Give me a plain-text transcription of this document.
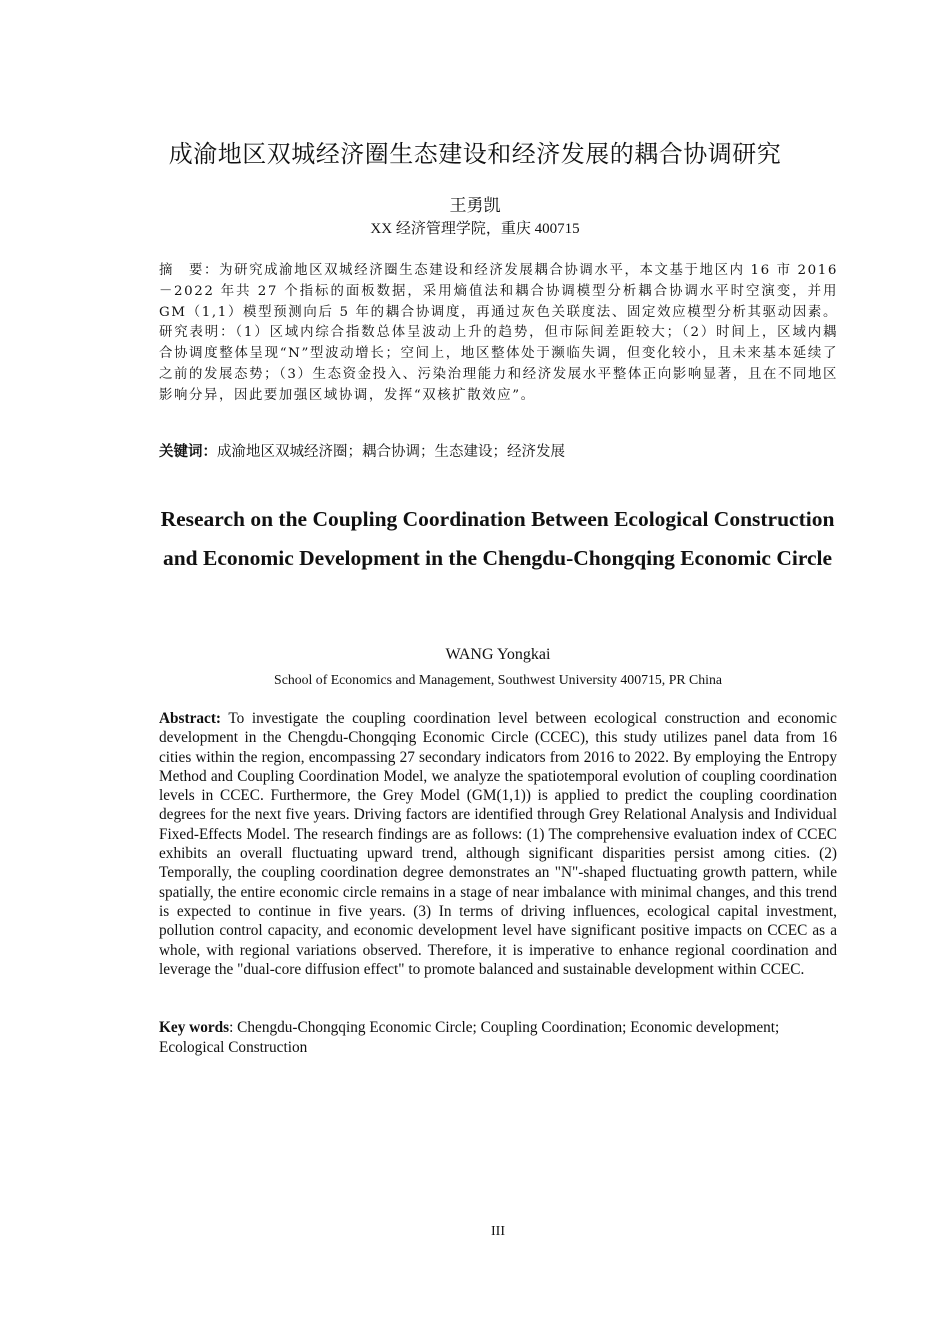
成渝地区双城经济圈生态建设和经济发展的耦合协调研究
王勇凯
XX 经济管理学院，重庆 400715
摘　要：为研究成渝地区双城经济圈生态建设和经济发展耦合协调水平，本文基于地区内 16 市 2016－2022 年共 27 个指标的面板数据，采用熵值法和耦合协调模型分析耦合协调水平时空演变，并用 GM（1,1）模型预测向后 5 年的耦合协调度，再通过灰色关联度法、固定效应模型分析其驱动因素。研究表明：（1）区域内综合指数总体呈波动上升的趋势，但市际间差距较大；（2）时间上，区域内耦合协调度整体呈现“N”型波动增长；空间上，地区整体处于濒临失调，但变化较小，且未来基本延续了之前的发展态势；（3）生态资金投入、污染治理能力和经济发展水平整体正向影响显著，且在不同地区影响分异，因此要加强区域协调，发挥“双核扩散效应”。
关键词：成渝地区双城经济圈；耦合协调；生态建设；经济发展
Research on the Coupling Coordination Between Ecological Construction and Economic Development in the Chengdu-Chongqing Economic Circle
WANG Yongkai
School of Economics and Management, Southwest University 400715, PR China
Abstract: To investigate the coupling coordination level between ecological construction and economic development in the Chengdu-Chongqing Economic Circle (CCEC), this study utilizes panel data from 16 cities within the region, encompassing 27 secondary indicators from 2016 to 2022. By employing the Entropy Method and Coupling Coordination Model, we analyze the spatiotemporal evolution of coupling coordination levels in CCEC. Furthermore, the Grey Model (GM(1,1)) is applied to predict the coupling coordination degrees for the next five years. Driving factors are identified through Grey Relational Analysis and Individual Fixed-Effects Model. The research findings are as follows: (1) The comprehensive evaluation index of CCEC exhibits an overall fluctuating upward trend, although significant disparities persist among cities. (2) Temporally, the coupling coordination degree demonstrates an "N"-shaped fluctuating growth pattern, while spatially, the entire economic circle remains in a stage of near imbalance with minimal changes, and this trend is expected to continue in five years. (3) In terms of driving influences, ecological capital investment, pollution control capacity, and economic development level have significant positive impacts on CCEC as a whole, with regional variations observed. Therefore, it is imperative to enhance regional coordination and leverage the "dual-core diffusion effect" to promote balanced and sustainable development within CCEC.
Key words: Chengdu-Chongqing Economic Circle; Coupling Coordination; Economic development; Ecological Construction
III
